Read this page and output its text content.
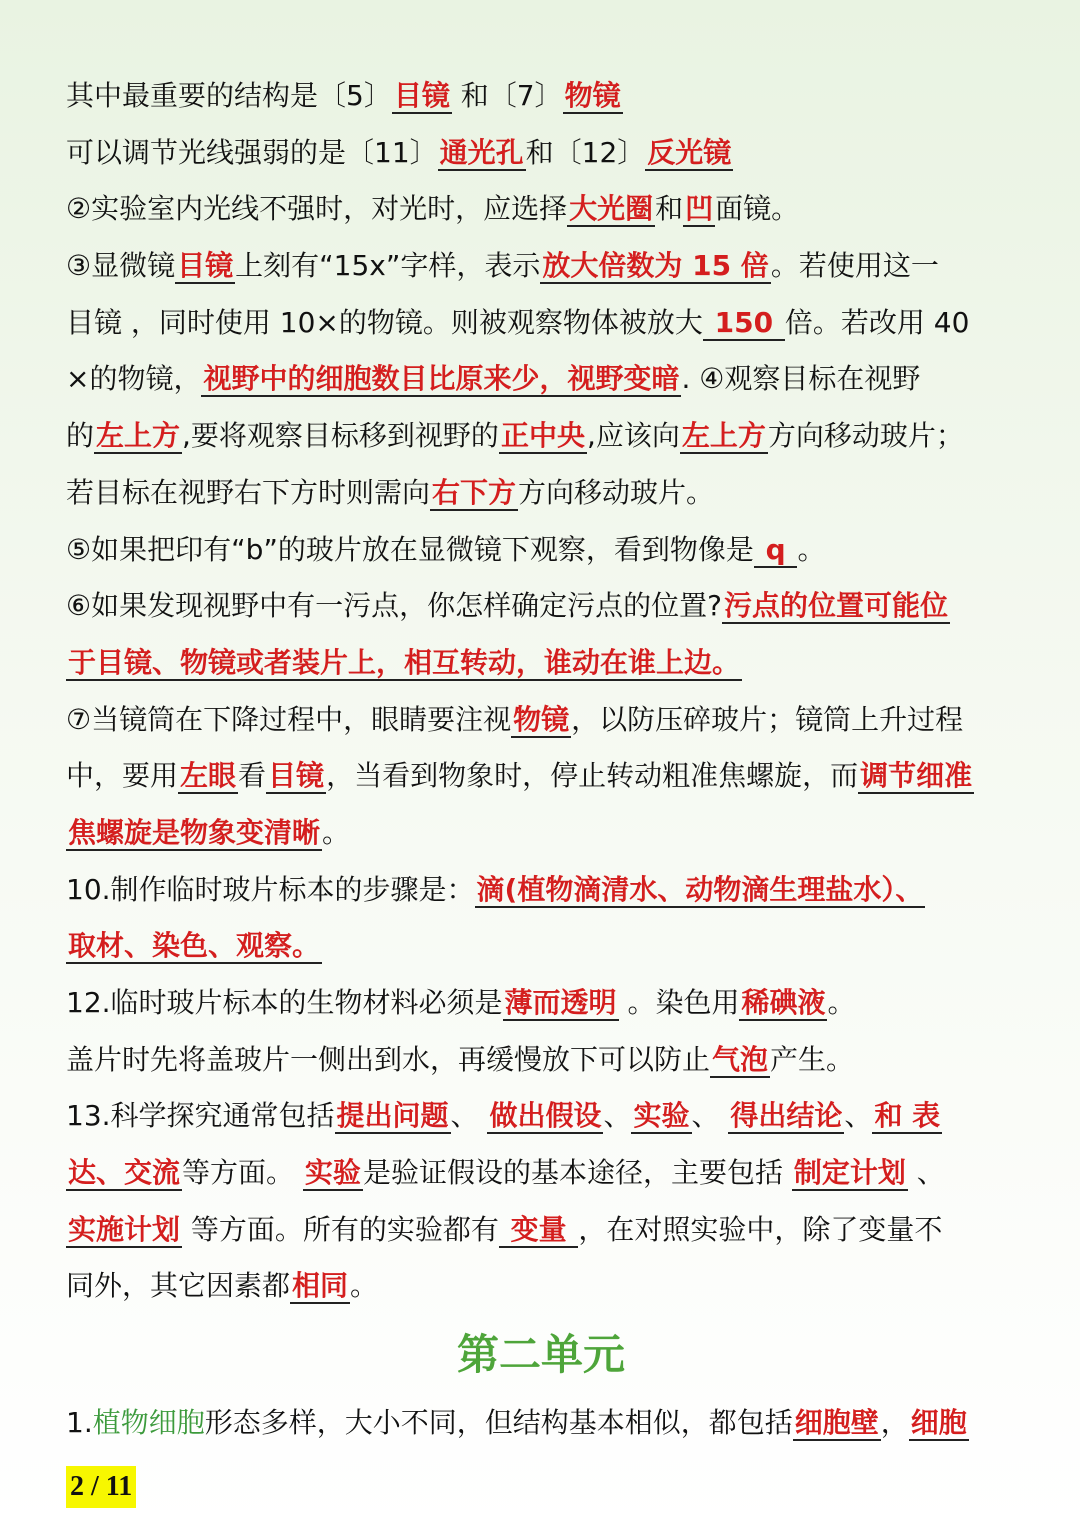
其中最重要的结构是〔5〕目镜 和〔7〕物镜
可以调节光线强弱的是〔11〕通光孔和〔12〕反光镜
②实验室内光线不强时，对光时，应选择大光圈和凹面镜。
③显微镜目镜上刻有“15x”字样，表示放大倍数为 15 倍。若使用这一
目镜 ，同时使用 10×的物镜。则被观察物体被放大 150 倍。若改用 40
×的物镜，视野中的细胞数目比原来少，视野变暗. ④观察目标在视野
的左上方,要将观察目标移到视野的正中央,应该向左上方方向移动玻片；
若目标在视野右下方时则需向右下方方向移动玻片。
⑤如果把印有“b”的玻片放在显微镜下观察，看到物像是 q 。
⑥如果发现视野中有一污点，你怎样确定污点的位置?污点的位置可能位
于目镜、物镜或者装片上，相互转动，谁动在谁上边。
⑦当镜筒在下降过程中，眼睛要注视物镜，以防压碎玻片；镜筒上升过程
中，要用左眼看目镜，当看到物象时，停止转动粗准焦螺旋，而调节细准
焦螺旋是物象变清晰。
10.制作临时玻片标本的步骤是：滴(植物滴清水、动物滴生理盐水）、
取材、染色、观察。
12.临时玻片标本的生物材料必须是薄而透明 。染色用稀碘液。
盖片时先将盖玻片一侧出到水，再缓慢放下可以防止气泡产生。
13.科学探究通常包括提出问题、 做出假设、实验、 得出结论、和 表
达、交流等方面。 实验是验证假设的基本途径，主要包括 制定计划 、
实施计划 等方面。所有的实验都有 变量 ，在对照实验中，除了变量不
同外，其它因素都相同。
第二单元
1.植物细胞形态多样，大小不同，但结构基本相似，都包括细胞壁，细胞
2 / 11
